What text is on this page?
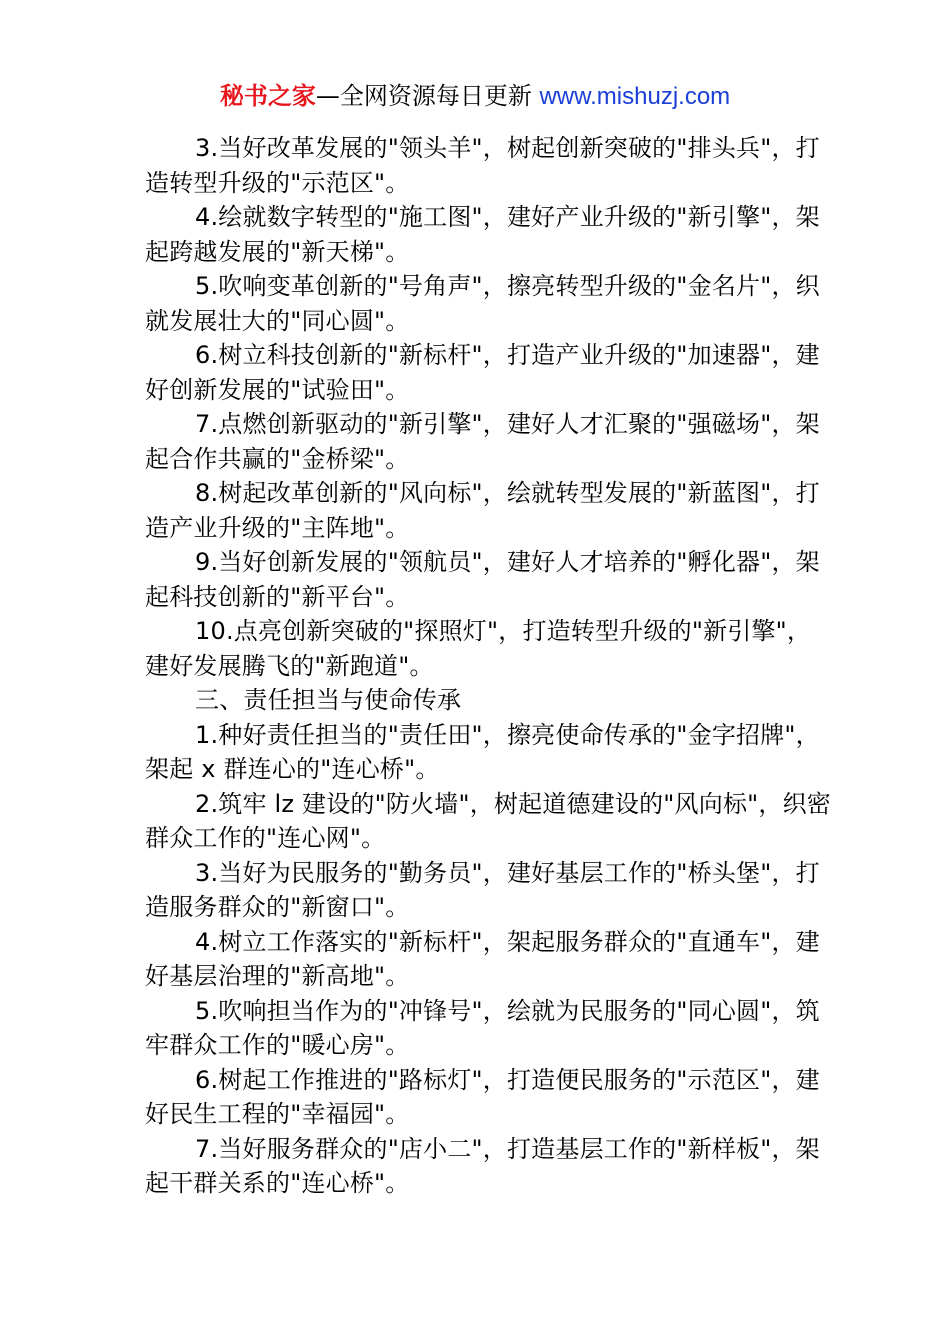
秘书之家—全网资源每日更新 www.mishuzj.com

3.当好改革发展的"领头羊"，树起创新突破的"排头兵"，打造转型升级的"示范区"。

4.绘就数字转型的"施工图"，建好产业升级的"新引擎"，架起跨越发展的"新天梯"。

5.吹响变革创新的"号角声"，擦亮转型升级的"金名片"，织就发展壮大的"同心圆"。

6.树立科技创新的"新标杆"，打造产业升级的"加速器"，建好创新发展的"试验田"。

7.点燃创新驱动的"新引擎"，建好人才汇聚的"强磁场"，架起合作共赢的"金桥梁"。

8.树起改革创新的"风向标"，绘就转型发展的"新蓝图"，打造产业升级的"主阵地"。

9.当好创新发展的"领航员"，建好人才培养的"孵化器"，架起科技创新的"新平台"。

10.点亮创新突破的"探照灯"，打造转型升级的"新引擎"，建好发展腾飞的"新跑道"。

三、责任担当与使命传承

1.种好责任担当的"责任田"，擦亮使命传承的"金字招牌"，架起 x 群连心的"连心桥"。

2.筑牢 lz 建设的"防火墙"，树起道德建设的"风向标"，织密群众工作的"连心网"。

3.当好为民服务的"勤务员"，建好基层工作的"桥头堡"，打造服务群众的"新窗口"。

4.树立工作落实的"新标杆"，架起服务群众的"直通车"，建好基层治理的"新高地"。

5.吹响担当作为的"冲锋号"，绘就为民服务的"同心圆"，筑牢群众工作的"暖心房"。

6.树起工作推进的"路标灯"，打造便民服务的"示范区"，建好民生工程的"幸福园"。

7.当好服务群众的"店小二"，打造基层工作的"新样板"，架起干群关系的"连心桥"。
